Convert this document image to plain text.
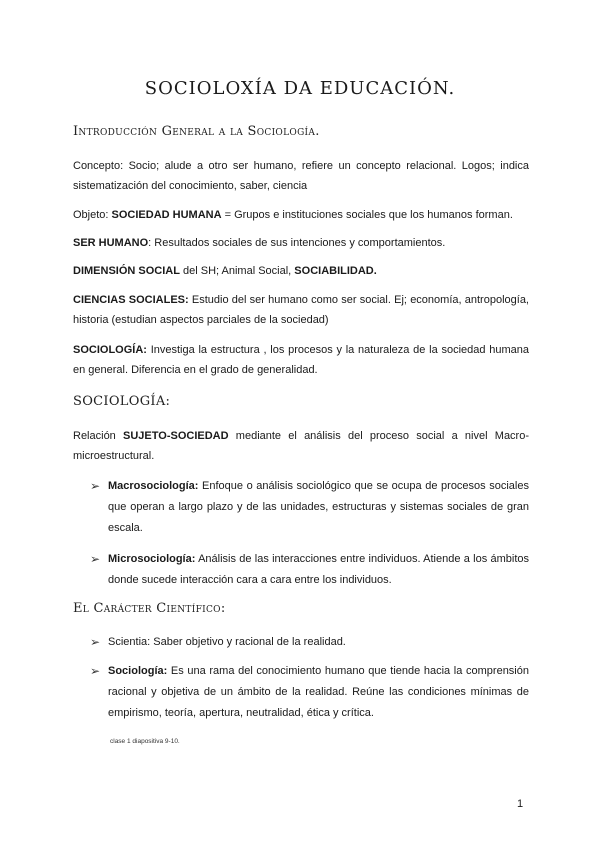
SOCIOLOXÍA DA EDUCACIÓN.
Introducción General a la Sociología.

Concepto: Socio; alude a otro ser humano, refiere un concepto relacional. Logos; indica sistematización del conocimiento, saber, ciencia

Objeto: SOCIEDAD HUMANA = Grupos e instituciones sociales que los humanos forman.

SER HUMANO: Resultados sociales de sus intenciones y comportamientos.

DIMENSIÓN SOCIAL del SH; Animal Social, SOCIABILIDAD.

CIENCIAS SOCIALES: Estudio del ser humano como ser social. Ej; economía, antropología, historia (estudian aspectos parciales de la sociedad)

SOCIOLOGÍA: Investiga la estructura , los procesos y la naturaleza de la sociedad humana en general. Diferencia en el grado de generalidad.

SOCIOLOGÍA:

Relación SUJETO-SOCIEDAD mediante el análisis del proceso social a nivel Macro-microestructural.

➢ Macrosociología: Enfoque o análisis sociológico que se ocupa de procesos sociales que operan a largo plazo y de las unidades, estructuras y sistemas sociales de gran escala.
➢ Microsociología: Análisis de las interacciones entre individuos. Atiende a los ámbitos donde sucede interacción cara a cara entre los individuos.
El Carácter Científico:
➢ Scientia: Saber objetivo y racional de la realidad.
➢ Sociología: Es una rama del conocimiento humano que tiende hacia la comprensión racional y objetiva de un ámbito de la realidad. Reúne las condiciones mínimas de empirismo, teoría, apertura, neutralidad, ética y crítica.
clase 1 diapositiva 9-10.
1
